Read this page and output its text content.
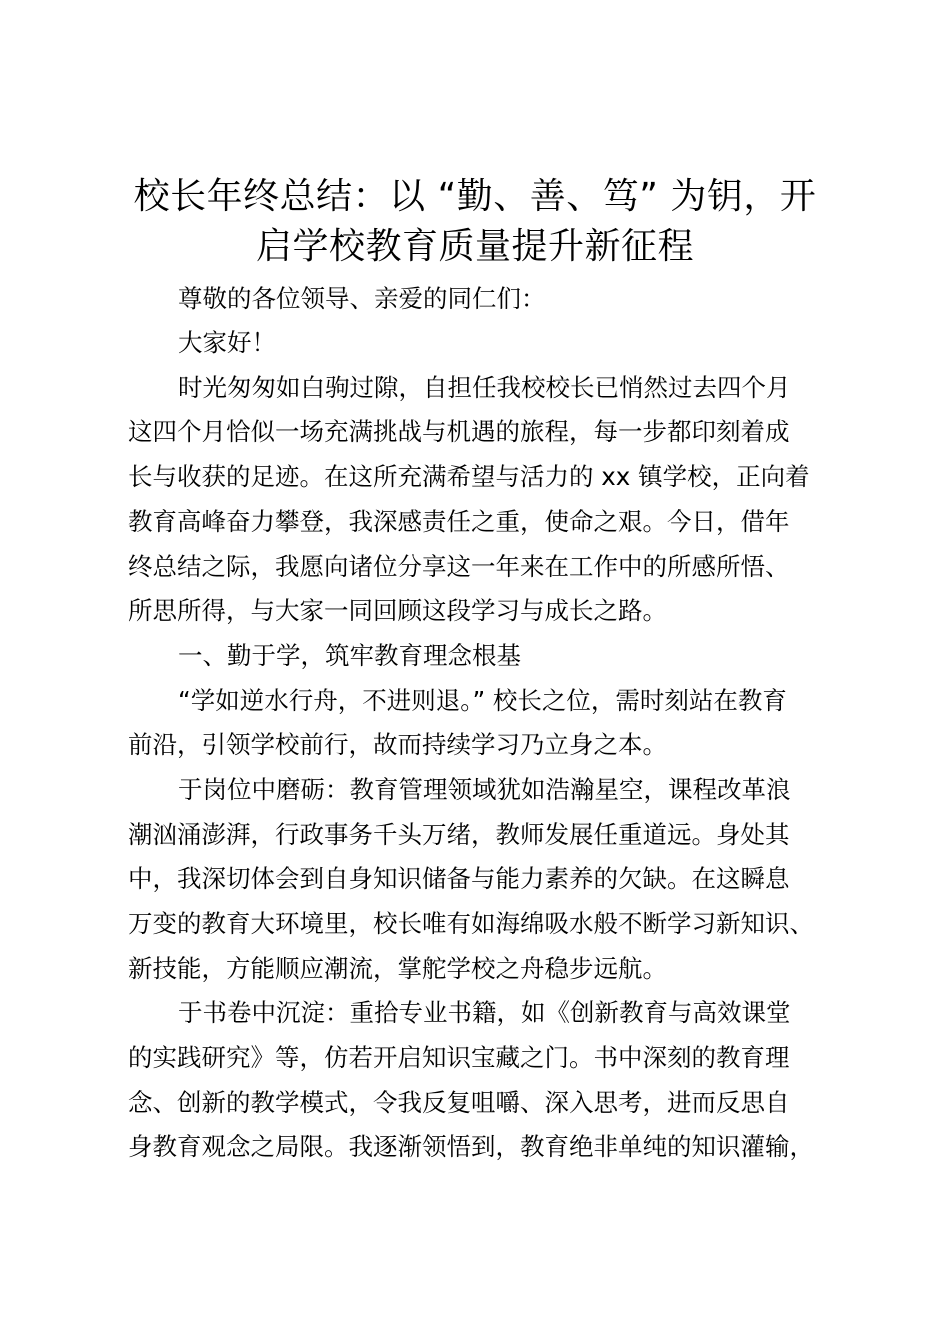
校长年终总结：以 “勤、善、笃” 为钥，开
启学校教育质量提升新征程

尊敬的各位领导、亲爱的同仁们：

大家好！

时光匆匆如白驹过隙，自担任我校校长已悄然过去四个月

这四个月恰似一场充满挑战与机遇的旅程，每一步都印刻着成

长与收获的足迹。在这所充满希望与活力的 xx 镇学校，正向着

教育高峰奋力攀登，我深感责任之重，使命之艰。今日，借年

终总结之际，我愿向诸位分享这一年来在工作中的所感所悟、

所思所得，与大家一同回顾这段学习与成长之路。

一、勤于学，筑牢教育理念根基

“学如逆水行舟，不进则退。” 校长之位，需时刻站在教育

前沿，引领学校前行，故而持续学习乃立身之本。

于岗位中磨砺：教育管理领域犹如浩瀚星空，课程改革浪

潮汹涌澎湃，行政事务千头万绪，教师发展任重道远。身处其

中，我深切体会到自身知识储备与能力素养的欠缺。在这瞬息

万变的教育大环境里，校长唯有如海绵吸水般不断学习新知识、

新技能，方能顺应潮流，掌舵学校之舟稳步远航。

于书卷中沉淀：重拾专业书籍，如《创新教育与高效课堂

的实践研究》等，仿若开启知识宝藏之门。书中深刻的教育理

念、创新的教学模式，令我反复咀嚼、深入思考，进而反思自

身教育观念之局限。我逐渐领悟到，教育绝非单纯的知识灌输，
